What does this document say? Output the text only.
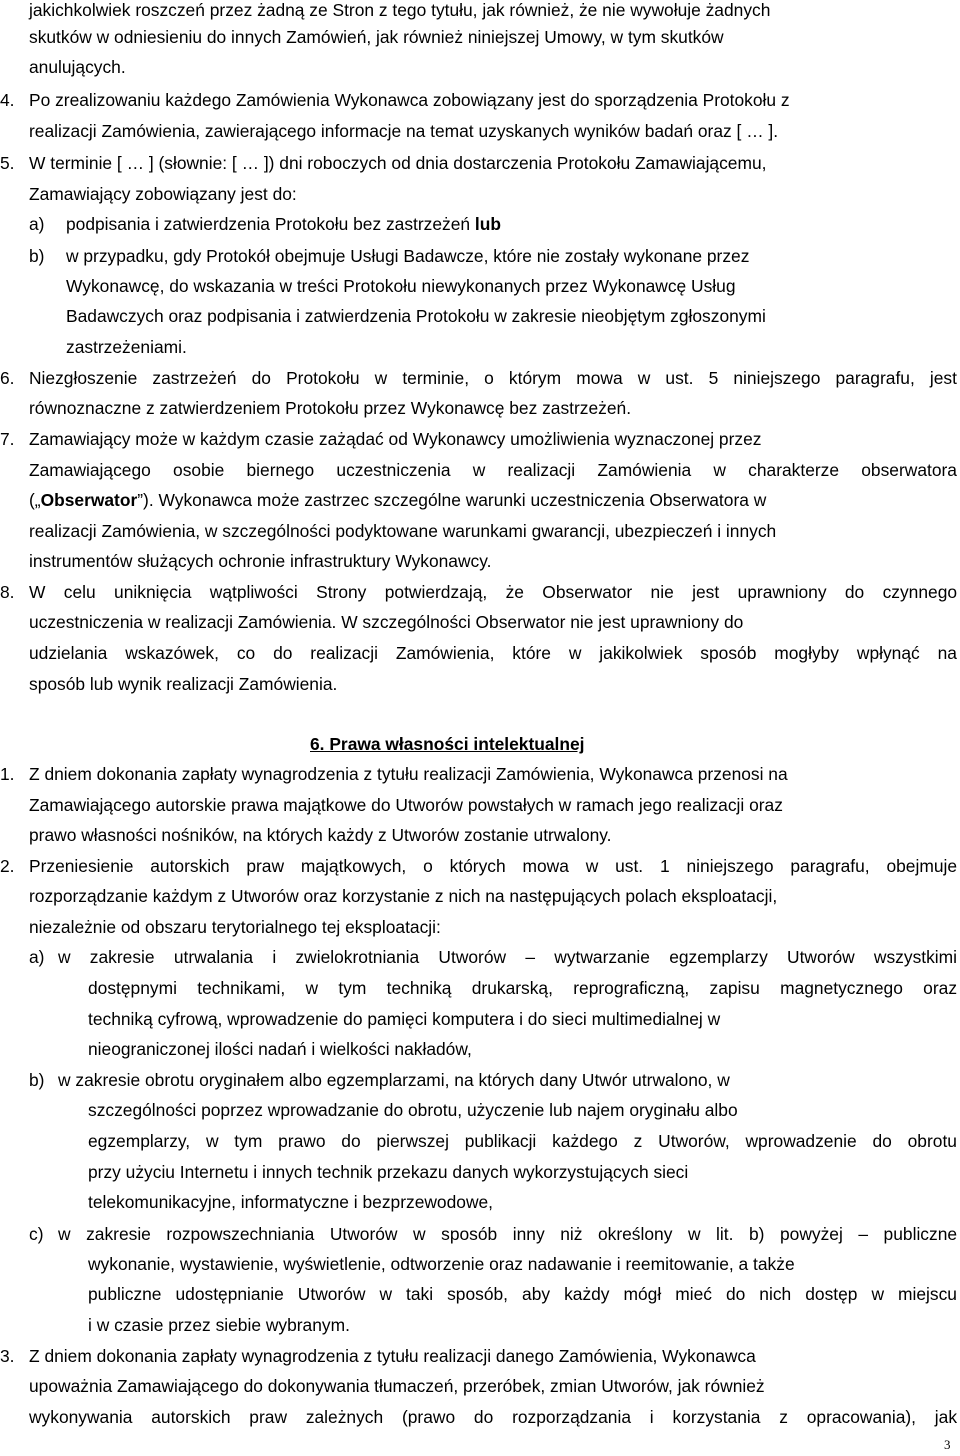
jakichkolwiek roszczeń przez żadną ze Stron z tego tytułu, jak również, że nie wywołuje żadnych
skutków w odniesieniu do innych Zamówień, jak również niniejszej Umowy, w tym skutków
anulujących.
4. Po zrealizowaniu każdego Zamówienia Wykonawca zobowiązany jest do sporządzenia Protokołu z
realizacji Zamówienia, zawierającego informacje na temat uzyskanych wyników badań oraz [ … ].
5. W terminie [ … ] (słownie: [ … ]) dni roboczych od dnia dostarczenia Protokołu Zamawiającemu,
Zamawiający zobowiązany jest do:
a) podpisania i zatwierdzenia Protokołu bez zastrzeżeń lub
b) w przypadku, gdy Protokół obejmuje Usługi Badawcze, które nie zostały wykonane przez
Wykonawcę, do wskazania w treści Protokołu niewykonanych przez Wykonawcę Usług
Badawczych oraz podpisania i zatwierdzenia Protokołu w zakresie nieobjętym zgłoszonymi
zastrzeżeniami.
6. Niezgłoszenie zastrzeżeń do Protokołu w terminie, o którym mowa w ust. 5 niniejszego paragrafu, jest
równoznaczne z zatwierdzeniem Protokołu przez Wykonawcę bez zastrzeżeń.
7. Zamawiający może w każdym czasie zażądać od Wykonawcy umożliwienia wyznaczonej przez
Zamawiającego osobie biernego uczestniczenia w realizacji Zamówienia w charakterze obserwatora
(„Obserwator”). Wykonawca może zastrzec szczególne warunki uczestniczenia Obserwatora w
realizacji Zamówienia, w szczególności podyktowane warunkami gwarancji, ubezpieczeń i innych
instrumentów służących ochronie infrastruktury Wykonawcy.
8. W celu uniknięcia wątpliwości Strony potwierdzają, że Obserwator nie jest uprawniony do czynnego
uczestniczenia w realizacji Zamówienia. W szczególności Obserwator nie jest uprawniony do
udzielania wskazówek, co do realizacji Zamówienia, które w jakikolwiek sposób mogłyby wpłynąć na
sposób lub wynik realizacji Zamówienia.
6. Prawa własności intelektualnej
1. Z dniem dokonania zapłaty wynagrodzenia z tytułu realizacji Zamówienia, Wykonawca przenosi na
Zamawiającego autorskie prawa majątkowe do Utworów powstałych w ramach jego realizacji oraz
prawo własności nośników, na których każdy z Utworów zostanie utrwalony.
2. Przeniesienie autorskich praw majątkowych, o których mowa w ust. 1 niniejszego paragrafu, obejmuje
rozporządzanie każdym z Utworów oraz korzystanie z nich na następujących polach eksploatacji,
niezależnie od obszaru terytorialnego tej eksploatacji:
a) w zakresie utrwalania i zwielokrotniania Utworów – wytwarzanie egzemplarzy Utworów wszystkimi
dostępnymi technikami, w tym techniką drukarską, reprograficzną, zapisu magnetycznego oraz
techniką cyfrową, wprowadzenie do pamięci komputera i do sieci multimedialnej w
nieograniczonej ilości nadań i wielkości nakładów,
b) w zakresie obrotu oryginałem albo egzemplarzami, na których dany Utwór utrwalono, w
szczególności poprzez wprowadzanie do obrotu, użyczenie lub najem oryginału albo
egzemplarzy, w tym prawo do pierwszej publikacji każdego z Utworów, wprowadzenie do obrotu
przy użyciu Internetu i innych technik przekazu danych wykorzystujących sieci
telekomunikacyjne, informatyczne i bezprzewodowe,
c) w zakresie rozpowszechniania Utworów w sposób inny niż określony w lit. b) powyżej – publiczne
wykonanie, wystawienie, wyświetlenie, odtworzenie oraz nadawanie i reemitowanie, a także
publiczne udostępnianie Utworów w taki sposób, aby każdy mógł mieć do nich dostęp w miejscu
i w czasie przez siebie wybranym.
3. Z dniem dokonania zapłaty wynagrodzenia z tytułu realizacji danego Zamówienia, Wykonawca
upoważnia Zamawiającego do dokonywania tłumaczeń, przeróbek, zmian Utworów, jak również
wykonywania autorskich praw zależnych (prawo do rozporządzania i korzystania z opracowania), jak
3
